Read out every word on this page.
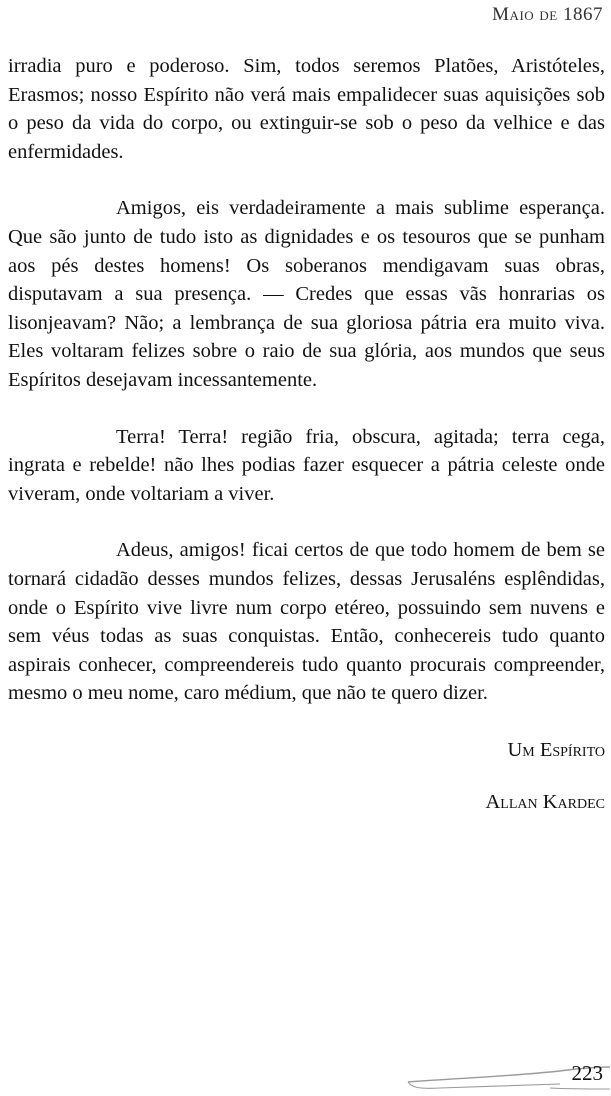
Maio de 1867

irradia puro e poderoso. Sim, todos seremos Platões, Aristóteles, Erasmos; nosso Espírito não verá mais empalidecer suas aquisições sob o peso da vida do corpo, ou extinguir-se sob o peso da velhice e das enfermidades.

Amigos, eis verdadeiramente a mais sublime esperança. Que são junto de tudo isto as dignidades e os tesouros que se punham aos pés destes homens! Os soberanos mendigavam suas obras, disputavam a sua presença. — Credes que essas vãs honrarias os lisonjeavam? Não; a lembrança de sua gloriosa pátria era muito viva. Eles voltaram felizes sobre o raio de sua glória, aos mundos que seus Espíritos desejavam incessantemente.

Terra! Terra! região fria, obscura, agitada; terra cega, ingrata e rebelde! não lhes podias fazer esquecer a pátria celeste onde viveram, onde voltariam a viver.

Adeus, amigos! ficai certos de que todo homem de bem se tornará cidadão desses mundos felizes, dessas Jerusaléns esplêndidas, onde o Espírito vive livre num corpo etéreo, possuindo sem nuvens e sem véus todas as suas conquistas. Então, conhecereis tudo quanto aspirais conhecer, compreendereis tudo quanto procurais compreender, mesmo o meu nome, caro médium, que não te quero dizer.

Um Espírito

Allan Kardec

223
